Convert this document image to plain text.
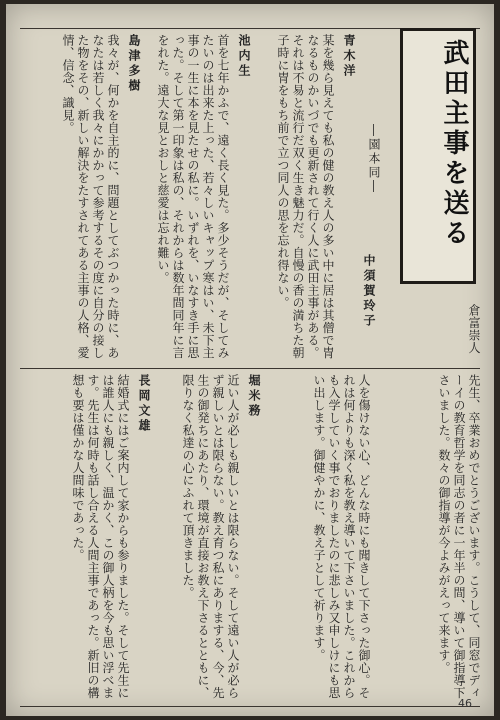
武田主事を送る
―園本同―

青木洋

某を幾ら見えても私の健の教え人の多い中に居は其僧で冑なるものかいづでも更新されて行く人に武田主事がある。それは不易と流行だ双く生き魅力だ。自慢の香の満ちた朝子時に冑をもち前で立つ同人の思を忘れ得ない。

池内生

首を七年かふで、遠く長く見た。多少そうだが、そしてみたいのは出来た上った、若々しいキャップ寒はい、未下主事の一生に本を見たせの私に。いずれを、いなすき手に思った。そして第一印象は私の、それからは数年間同年に言をれた。遠大な見とおしと慈愛は忘れ難い。

島津多樹

我々が、何かを自主的に、問題としてぶつかった時に、あなたは若しく我々にかかって参考するその度に自分の接した物をその、新しい解決をたすされてある主事の人格、愛情、信念、識見。

倉富崇人

中須賀玲子

先生、卒業おめでとうございます。こうして、同窓でディーイの教育哲学を同志の者に一年半の間、導いて御指導下さいました。数々の御指導が今よみがえって来ます。

人を傷けない心、どんな時にも聞きして下さった御心。それは何よりも深く私を教え導いて下さいました。これからも入学していく事でおりましたのに悲しみ又申しけにも思い出します。御健やかに、教え子として祈ります。

堀米務

近い人が必しも親しいとは限らない。そして遠い人が必らず親しいとは限らない。教え育つ私にありまする、今、先生の御発ちにあたり、環境が直接お教え下さるとともに、限りなく私達の心にふれて頂きました。

長岡文雄

結婚式にはご案内して家からも参りました。そして先生には誰人にも親しく、温かく、この御人柄を今も思い浮べます。先生は何時も話し合える人間主事であった。新旧の構想も要は僅かな人間味であった。

46
